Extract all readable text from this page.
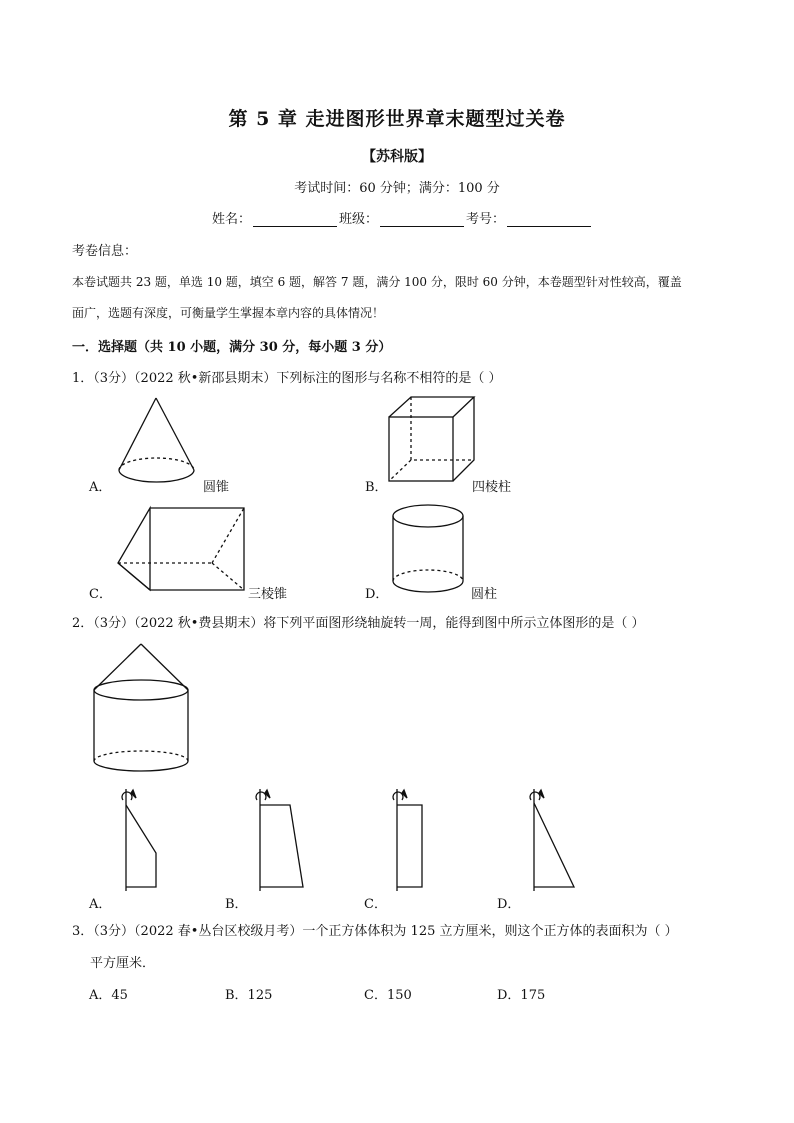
第 5 章 走进图形世界章末题型过关卷
【苏科版】
考试时间：60 分钟；满分：100 分
姓名：	班级：	考号：
考卷信息：
本卷试题共 23 题，单选 10 题，填空 6 题，解答 7 题，满分 100 分，限时 60 分钟，本卷题型针对性较高，覆盖
面广，选题有深度，可衡量学生掌握本章内容的具体情况！
一．选择题（共 10 小题，满分 30 分，每小题 3 分）
1．（3分）（2022 秋•新邵县期末）下列标注的图形与名称不相符的是（ ）
A．	圆锥	B．	四棱柱
C．	三棱锥	D．	圆柱
2．（3分）（2022 秋•费县期末）将下列平面图形绕轴旋转一周，能得到图中所示立体图形的是（ ）
A．	B．	C．	D．
3．（3分）（2022 春•丛台区校级月考）一个正方体体积为 125 立方厘米，则这个正方体的表面积为（ ）
平方厘米．
A．45	B．125	C．150	D．175
